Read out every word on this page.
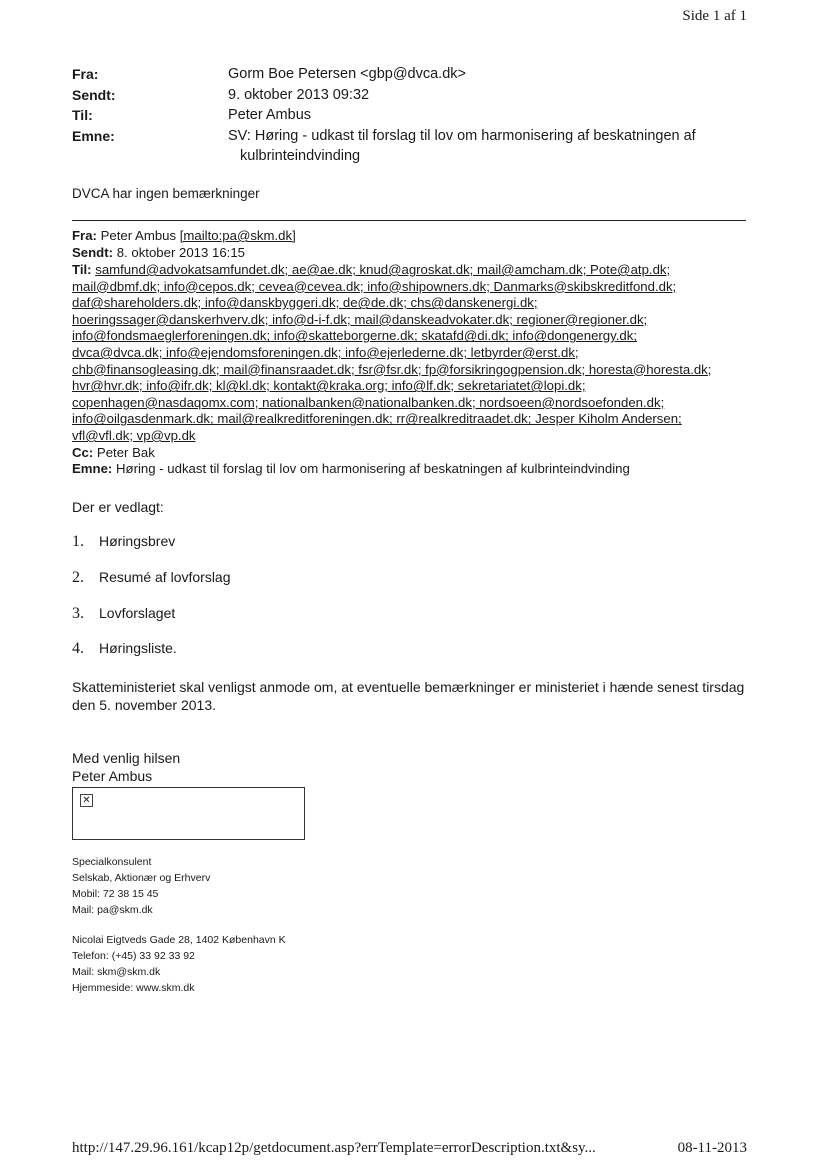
Side 1 af 1
Fra:	Gorm Boe Petersen <gbp@dvca.dk>
Sendt:	9. oktober 2013 09:32
Til:	Peter Ambus
Emne:	SV: Høring - udkast til forslag til lov om harmonisering af beskatningen af
kulbrinteindvinding
DVCA har ingen bemærkninger
Fra: Peter Ambus [mailto:pa@skm.dk]
Sendt: 8. oktober 2013 16:15
Til: samfund@advokatsamfundet.dk; ae@ae.dk; knud@agroskat.dk; mail@amcham.dk; Pote@atp.dk;
mail@dbmf.dk; info@cepos.dk; cevea@cevea.dk; info@shipowners.dk; Danmarks@skibskreditfond.dk;
daf@shareholders.dk; info@danskbyggeri.dk; de@de.dk; chs@danskenergi.dk;
hoeringssager@danskerhverv.dk; info@d-i-f.dk; mail@danskeadvokater.dk; regioner@regioner.dk;
info@fondsmaeglerforeningen.dk; info@skatteborgerne.dk; skatafd@di.dk; info@dongenergy.dk;
dvca@dvca.dk; info@ejendomsforeningen.dk; info@ejerlederne.dk; letbyrder@erst.dk;
chb@finansogleasing.dk; mail@finansraadet.dk; fsr@fsr.dk; fp@forsikringogpension.dk; horesta@horesta.dk;
hvr@hvr.dk; info@ifr.dk; kl@kl.dk; kontakt@kraka.org; info@lf.dk; sekretariatet@lopi.dk;
copenhagen@nasdaqomx.com; nationalbanken@nationalbanken.dk; nordsoeen@nordsoefonden.dk;
info@oilgasdenmark.dk; mail@realkreditforeningen.dk; rr@realkreditraadet.dk; Jesper Kiholm Andersen;
vfl@vfl.dk; vp@vp.dk
Cc: Peter Bak
Emne: Høring - udkast til forslag til lov om harmonisering af beskatningen af kulbrinteindvinding
Der er vedlagt:
1. Høringsbrev
2. Resumé af lovforslag
3. Lovforslaget
4. Høringsliste.
Skatteministeriet skal venligst anmode om, at eventuelle bemærkninger er ministeriet i hænde senest tirsdag den 5. november 2013.
Med venlig hilsen
Peter Ambus
✕
Specialkonsulent
Selskab, Aktionær og Erhverv
Mobil: 72 38 15 45
Mail: pa@skm.dk
Nicolai Eigtveds Gade 28, 1402 København K
Telefon: (+45) 33 92 33 92
Mail: skm@skm.dk
Hjemmeside: www.skm.dk
http://147.29.96.161/kcap12p/getdocument.asp?errTemplate=errorDescription.txt&sy...	08-11-2013
